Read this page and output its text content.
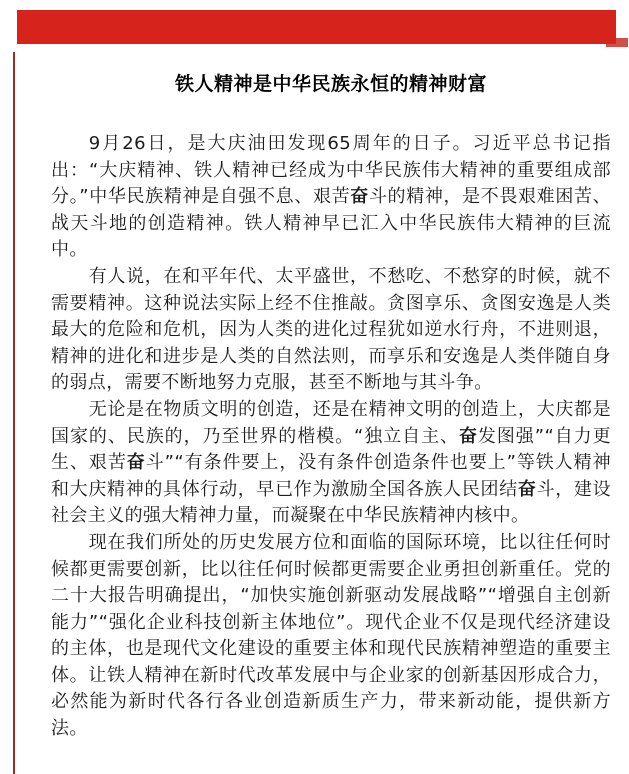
铁人精神是中华民族永恒的精神财富

9月26日，是大庆油田发现65周年的日子。习近平总书记指出：“大庆精神、铁人精神已经成为中华民族伟大精神的重要组成部分。”中华民族精神是自强不息、艰苦奋斗的精神，是不畏艰难困苦、战天斗地的创造精神。铁人精神早已汇入中华民族伟大精神的巨流中。

有人说，在和平年代、太平盛世，不愁吃、不愁穿的时候，就不需要精神。这种说法实际上经不住推敲。贪图享乐、贪图安逸是人类最大的危险和危机，因为人类的进化过程犹如逆水行舟，不进则退，精神的进化和进步是人类的自然法则，而享乐和安逸是人类伴随自身的弱点，需要不断地努力克服，甚至不断地与其斗争。

无论是在物质文明的创造，还是在精神文明的创造上，大庆都是国家的、民族的，乃至世界的楷模。“独立自主、奋发图强”“自力更生、艰苦奋斗”“有条件要上，没有条件创造条件也要上”等铁人精神和大庆精神的具体行动，早已作为激励全国各族人民团结奋斗，建设社会主义的强大精神力量，而凝聚在中华民族精神内核中。

现在我们所处的历史发展方位和面临的国际环境，比以往任何时候都更需要创新，比以往任何时候都更需要企业勇担创新重任。党的二十大报告明确提出，“加快实施创新驱动发展战略”“增强自主创新能力”“强化企业科技创新主体地位”。现代企业不仅是现代经济建设的主体，也是现代文化建设的重要主体和现代民族精神塑造的重要主体。让铁人精神在新时代改革发展中与企业家的创新基因形成合力，必然能为新时代各行各业创造新质生产力，带来新动能，提供新方法。
